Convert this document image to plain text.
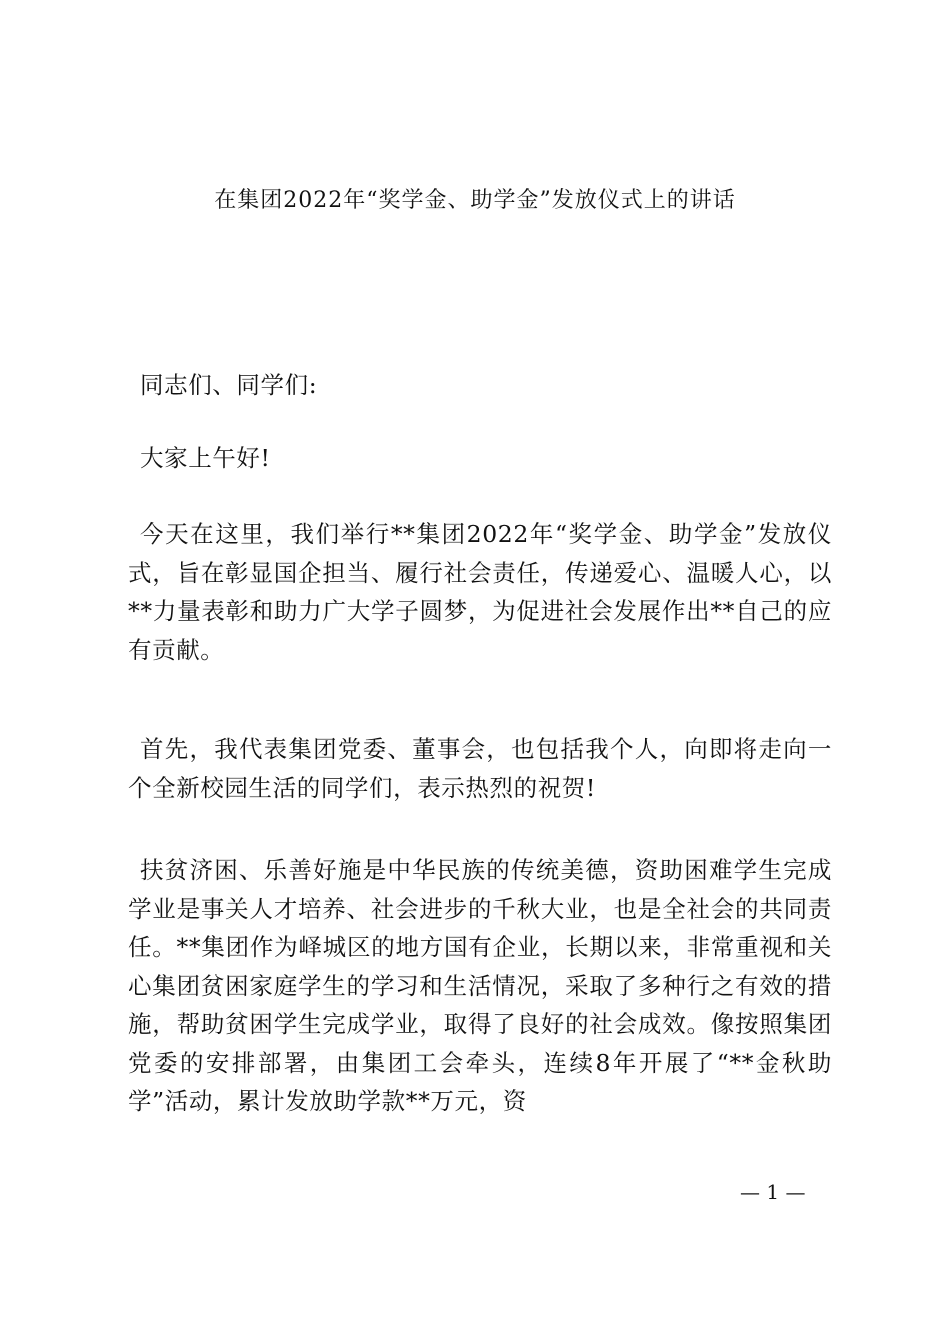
在集团2022年“奖学金、助学金”发放仪式上的讲话

同志们、同学们:

大家上午好!

今天在这里，我们举行**集团2022年“奖学金、助学金”发放仪式，旨在彰显国企担当、履行社会责任，传递爱心、温暖人心，以**力量表彰和助力广大学子圆梦，为促进社会发展作出**自己的应有贡献。

首先，我代表集团党委、董事会，也包括我个人，向即将走向一个全新校园生活的同学们，表示热烈的祝贺!

扶贫济困、乐善好施是中华民族的传统美德，资助困难学生完成学业是事关人才培养、社会进步的千秋大业，也是全社会的共同责任。**集团作为峄城区的地方国有企业，长期以来，非常重视和关心集团贫困家庭学生的学习和生活情况，采取了多种行之有效的措施，帮助贫困学生完成学业，取得了良好的社会成效。像按照集团党委的安排部署，由集团工会牵头，连续8年开展了“**金秋助学”活动，累计发放助学款**万元，资

— 1 —
